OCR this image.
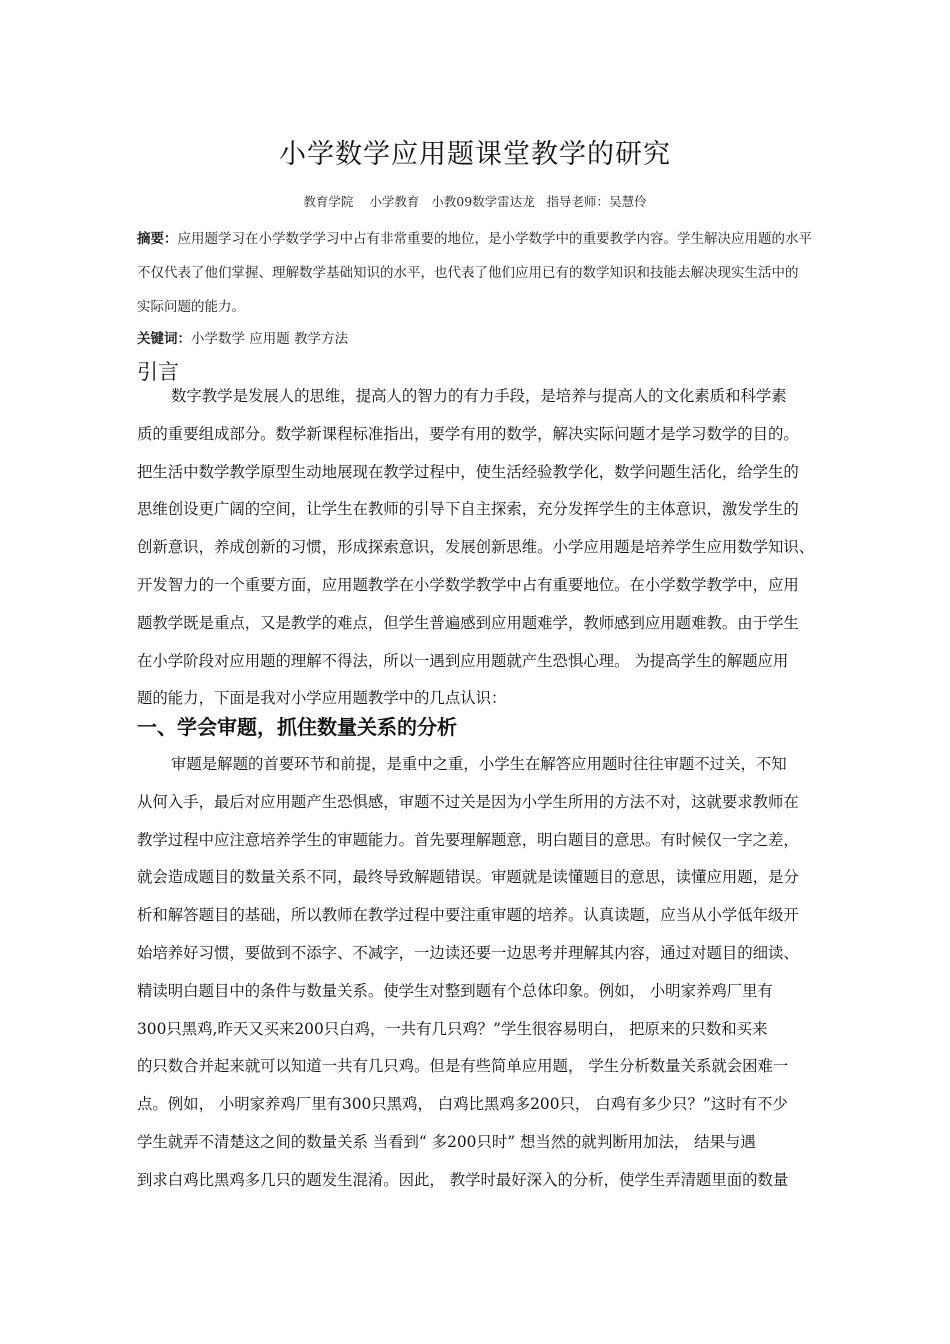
小学数学应用题课堂教学的研究
教育学院    小学教育   小教09数学雷达龙   指导老师：吴慧伶
摘要：应用题学习在小学数学学习中占有非常重要的地位，是小学数学中的重要教学内容。学生解决应用题的水平
不仅代表了他们掌握、理解数学基础知识的水平，也代表了他们应用已有的数学知识和技能去解决现实生活中的
实际问题的能力。
关键词：小学数学 应用题 教学方法
引言
数字教学是发展人的思维，提高人的智力的有力手段，是培养与提高人的文化素质和科学素
质的重要组成部分。数学新课程标准指出，要学有用的数学，解决实际问题才是学习数学的目的。
把生活中数学教学原型生动地展现在教学过程中，使生活经验教学化，数学问题生活化，给学生的
思维创设更广阔的空间，让学生在教师的引导下自主探索，充分发挥学生的主体意识，激发学生的
创新意识，养成创新的习惯，形成探索意识，发展创新思维。小学应用题是培养学生应用数学知识、
开发智力的一个重要方面，应用题教学在小学数学教学中占有重要地位。在小学数学教学中，应用
题教学既是重点，又是教学的难点，但学生普遍感到应用题难学，教师感到应用题难教。由于学生
在小学阶段对应用题的理解不得法，所以一遇到应用题就产生恐惧心理。 为提高学生的解题应用
题的能力，下面是我对小学应用题教学中的几点认识：
一、学会审题，抓住数量关系的分析
审题是解题的首要环节和前提，是重中之重，小学生在解答应用题时往往审题不过关，不知
从何入手，最后对应用题产生恐惧感，审题不过关是因为小学生所用的方法不对，这就要求教师在
教学过程中应注意培养学生的审题能力。首先要理解题意，明白题目的意思。有时候仅一字之差，
就会造成题目的数量关系不同，最终导致解题错误。审题就是读懂题目的意思，读懂应用题，是分
析和解答题目的基础，所以教师在教学过程中要注重审题的培养。认真读题，应当从小学低年级开
始培养好习惯，要做到不添字、不减字，一边读还要一边思考并理解其内容，通过对题目的细读、
精读明白题目中的条件与数量关系。使学生对整到题有个总体印象。例如， 小明家养鸡厂里有
300只黑鸡,昨天又买来200只白鸡，一共有几只鸡？”学生很容易明白， 把原来的只数和买来
的只数合并起来就可以知道一共有几只鸡。但是有些简单应用题， 学生分析数量关系就会困难一
点。例如， 小明家养鸡厂里有300只黑鸡， 白鸡比黑鸡多200只， 白鸡有多少只？”这时有不少
学生就弄不清楚这之间的数量关系 当看到“ 多200只时” 想当然的就判断用加法， 结果与遇
到求白鸡比黑鸡多几只的题发生混淆。因此， 教学时最好深入的分析，使学生弄清题里面的数量
